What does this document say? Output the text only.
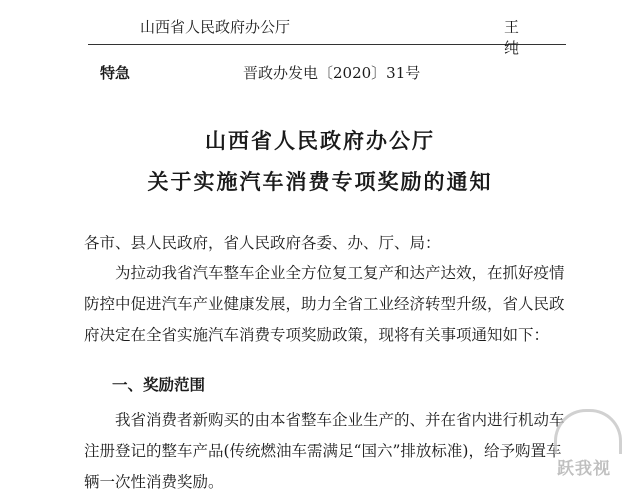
山西省人民政府办公厅	王 纯
特急	晋政办发电〔2020〕31号
山西省人民政府办公厅
关于实施汽车消费专项奖励的通知
各市、县人民政府，省人民政府各委、办、厅、局：
为拉动我省汽车整车企业全方位复工复产和达产达效，在抓好疫情防控中促进汽车产业健康发展，助力全省工业经济转型升级，省人民政府决定在全省实施汽车消费专项奖励政策，现将有关事项通知如下：
一、奖励范围
我省消费者新购买的由本省整车企业生产的、并在省内进行机动车注册登记的整车产品(传统燃油车需满足“国六”排放标准)，给予购置车辆一次性消费奖励。
跃我视
